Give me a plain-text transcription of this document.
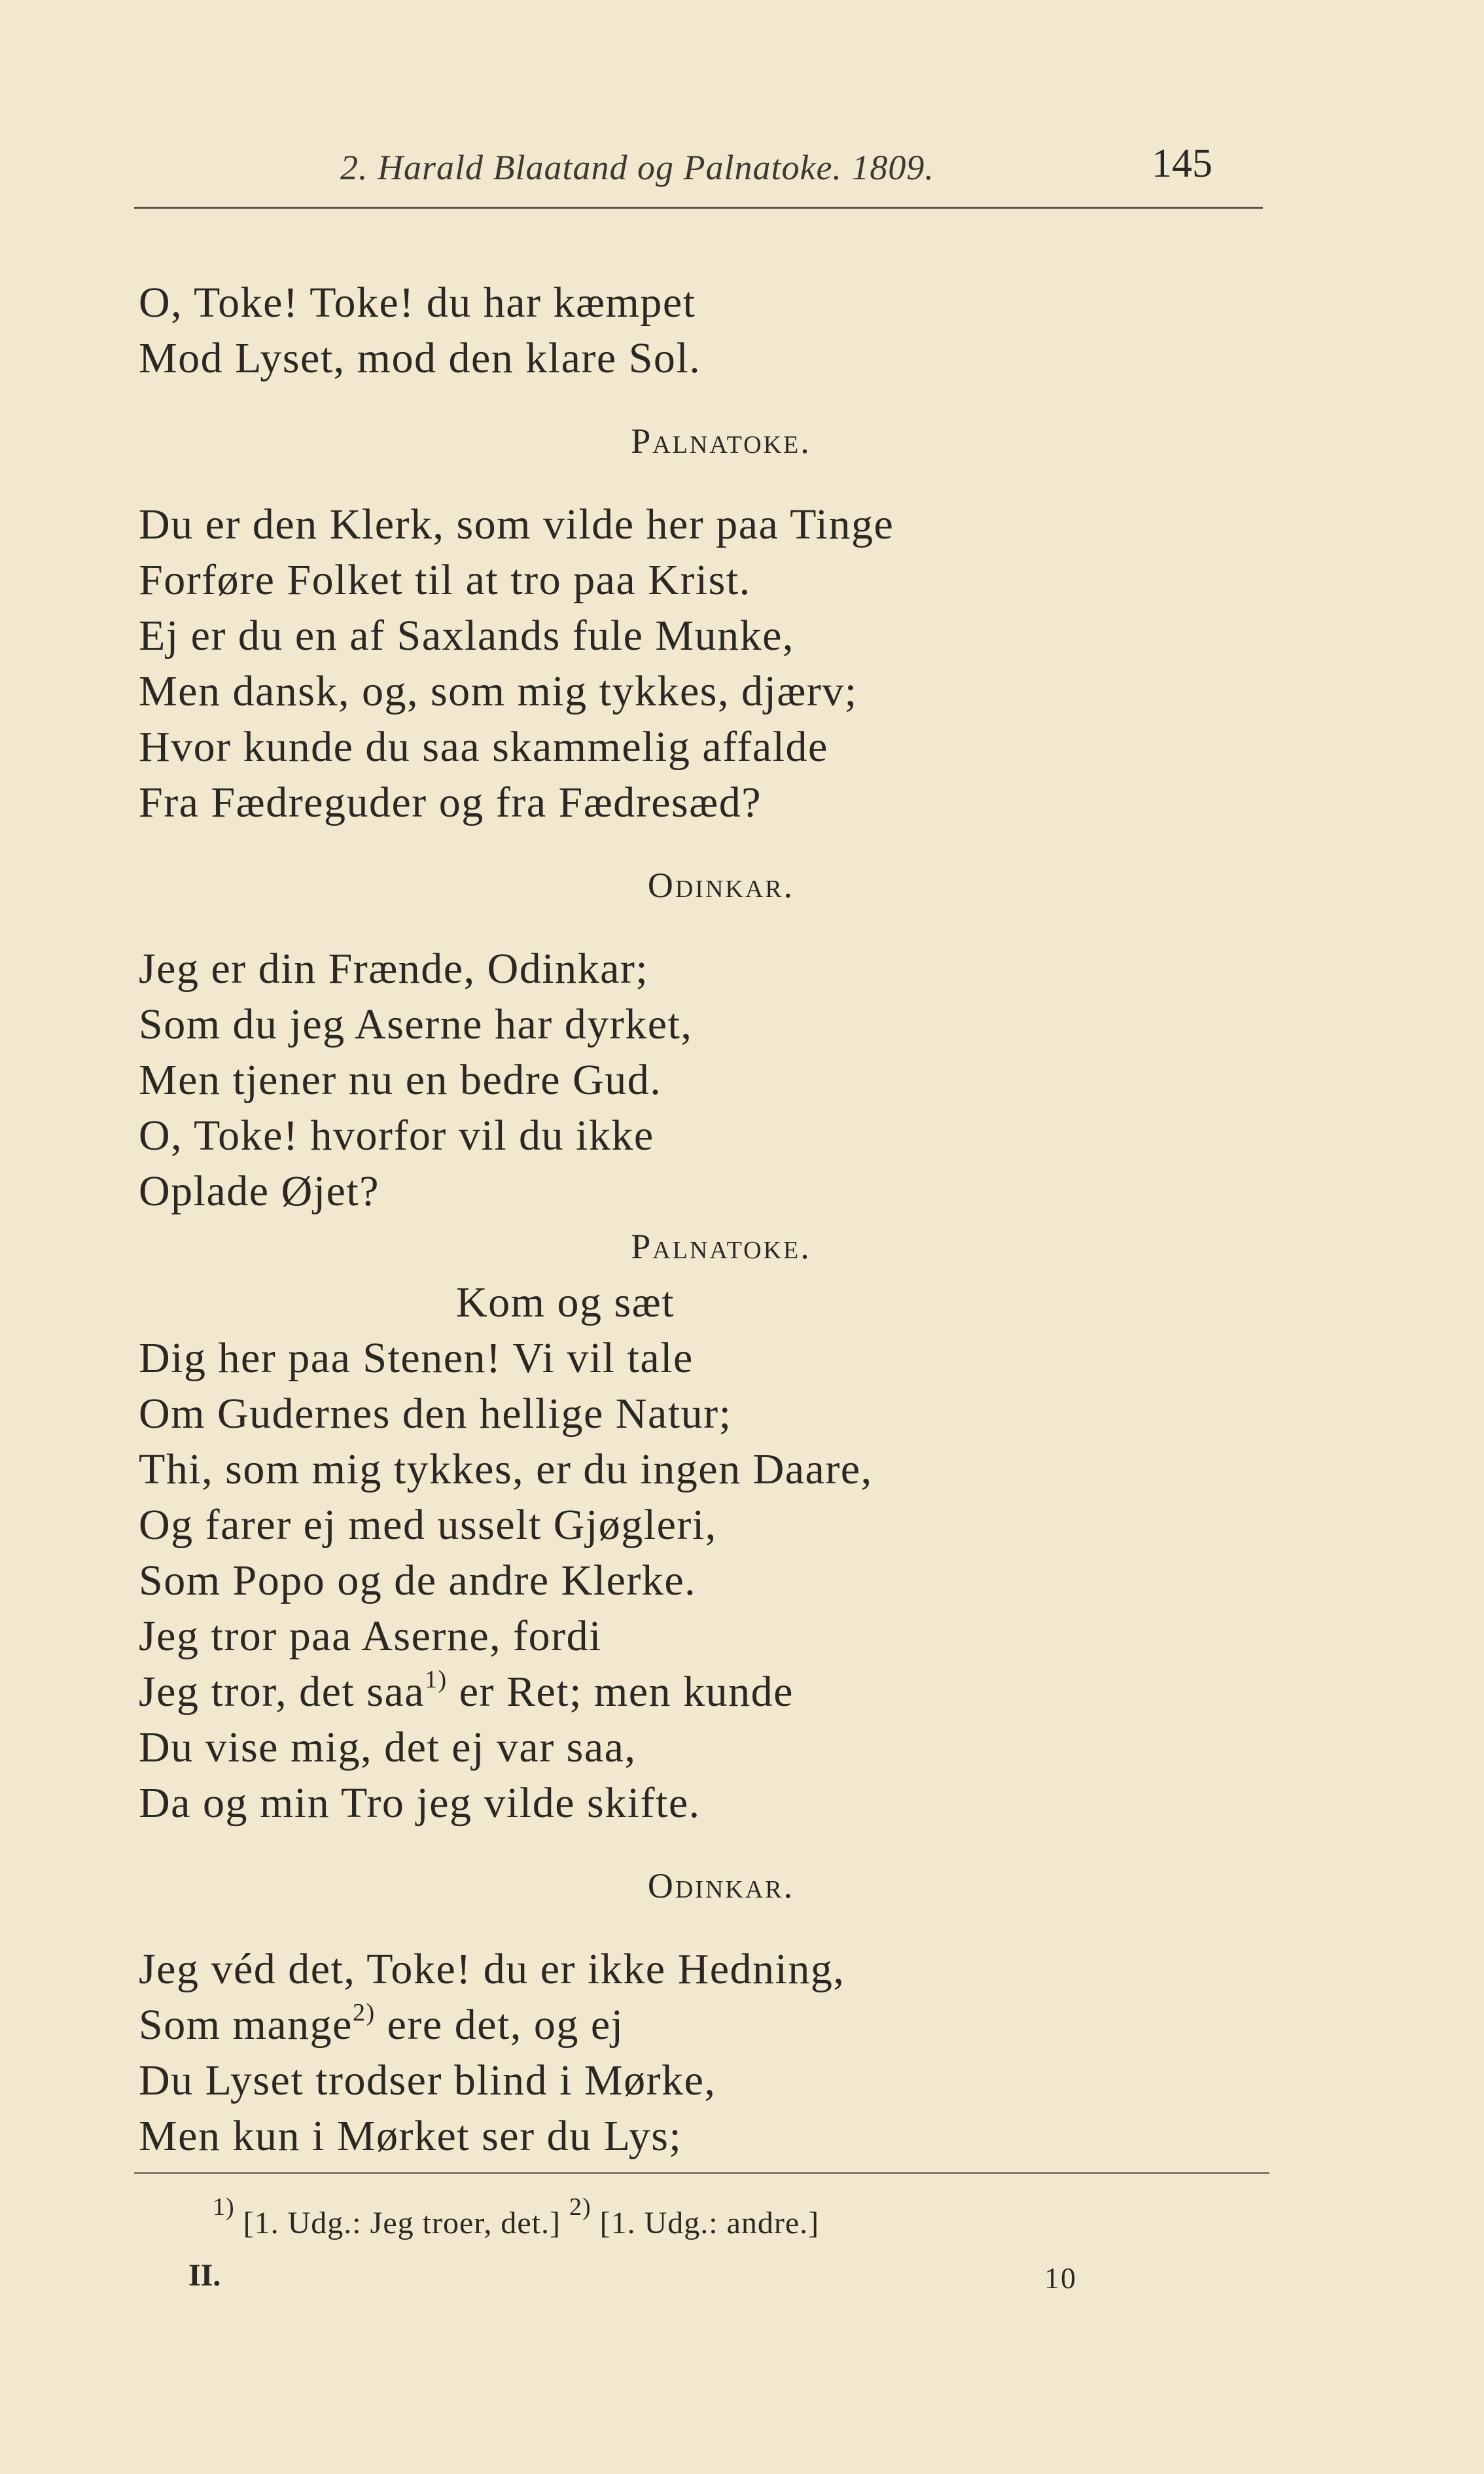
2. Harald Blaatand og Palnatoke. 1809.	145
O, Toke! Toke! du har kæmpet
Mod Lyset, mod den klare Sol.
Palnatoke.
Du er den Klerk, som vilde her paa Tinge
Forføre Folket til at tro paa Krist.
Ej er du en af Saxlands fule Munke,
Men dansk, og, som mig tykkes, djærv;
Hvor kunde du saa skammelig affalde
Fra Fædreguder og fra Fædresæd?
Odinkar.
Jeg er din Frænde, Odinkar;
Som du jeg Aserne har dyrket,
Men tjener nu en bedre Gud.
O, Toke! hvorfor vil du ikke
Oplade Øjet?
Palnatoke.
Kom og sæt
Dig her paa Stenen! Vi vil tale
Om Gudernes den hellige Natur;
Thi, som mig tykkes, er du ingen Daare,
Og farer ej med usselt Gjøgleri,
Som Popo og de andre Klerke.
Jeg tror paa Aserne, fordi
Jeg tror, det saa$^{1)}$ er Ret; men kunde
Du vise mig, det ej var saa,
Da og min Tro jeg vilde skifte.
Odinkar.
Jeg véd det, Toke! du er ikke Hedning,
Som mange$^{2)}$ ere det, og ej
Du Lyset trodser blind i Mørke,
Men kun i Mørket ser du Lys;
$^{1)}$ [1. Udg.: Jeg troer, det.] $^{2)}$ [1. Udg.: andre.]
II.	10
